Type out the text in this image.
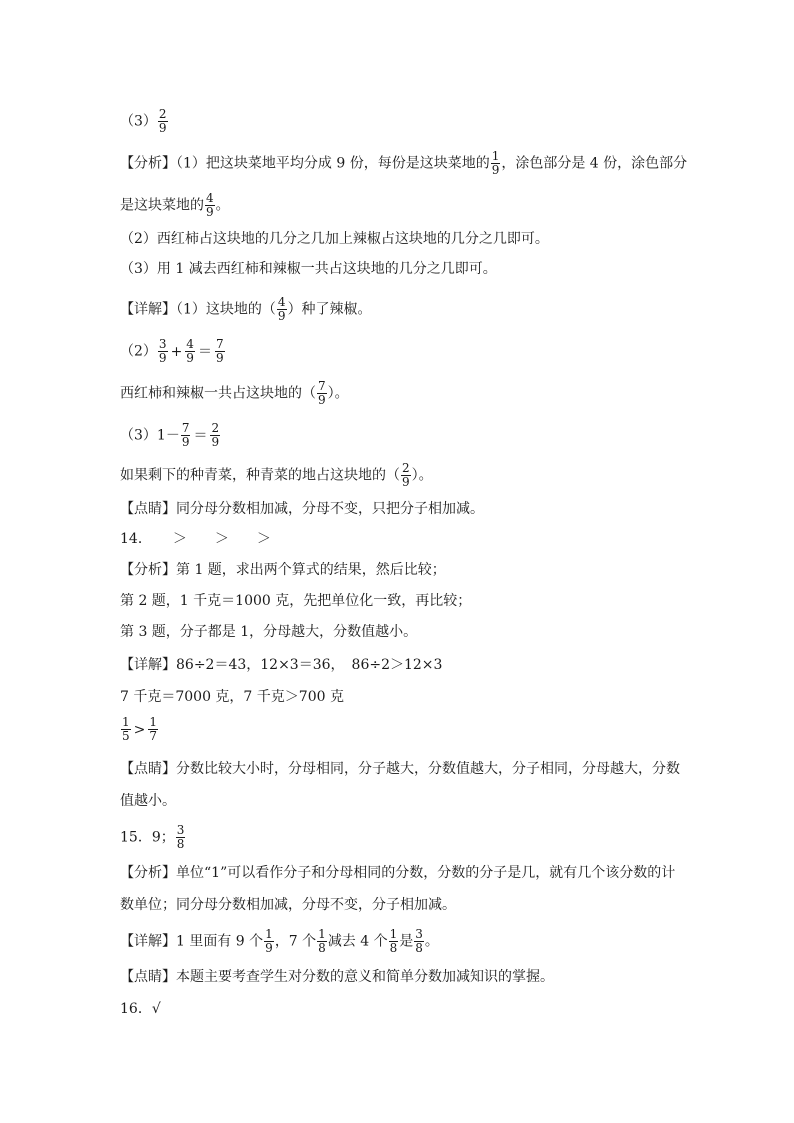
$(3) \frac{2}{9}$
【分析】（1）把这块菜地平均分成 9 份，每份是这块菜地的 $\frac{1}{9}$ ，涂色部分是 4 份，涂色部分
是这块菜地的 $\frac{4}{9}$ 。
（2）西红柿占这块地的几分之几加上辣椒占这块地的几分之几即可。
（3）用 1 减去西红柿和辣椒一共占这块地的几分之几即可。
【详解】（1）这块地的（ $\frac{4}{9}$ ）种了辣椒。
$(2) \frac{3}{9} + \frac{4}{9} = \frac{7}{9}$
西红柿和辣椒一共占这块地的（ $\frac{7}{9}$ ）。
$(3)1- \frac{7}{9} = \frac{2}{9}$
如果剩下的种青菜，种青菜的地占这块地的（ $\frac{2}{9}$ ）。
【点睛】同分母分数相加减，分母不变，只把分子相加减。
14．　　＞　　＞　　＞
【分析】第 1 题，求出两个算式的结果，然后比较；
第 2 题，1 千克＝1000 克，先把单位化一致，再比较；
第 3 题，分子都是 1，分母越大，分数值越小。
【详解】86÷2＝43，12×3＝36，　86÷2＞12×3
7 千克＝7000 克，7 千克＞700 克
$\frac{1}{5} > \frac{1}{7}$
【点睛】分数比较大小时，分母相同，分子越大，分数值越大，分子相同，分母越大，分数
值越小。
15．9； $\frac{3}{8}$
【分析】单位“1”可以看作分子和分母相同的分数，分数的分子是几，就有几个该分数的计
数单位；同分母分数相加减，分母不变，分子相加减。
【详解】1 里面有 9 个 $\frac{1}{9}$ ，7 个 $\frac{1}{8}$ 减去 4 个 $\frac{1}{8}$ 是 $\frac{3}{8}$ 。
【点睛】本题主要考查学生对分数的意义和简单分数加减知识的掌握。
16．√
